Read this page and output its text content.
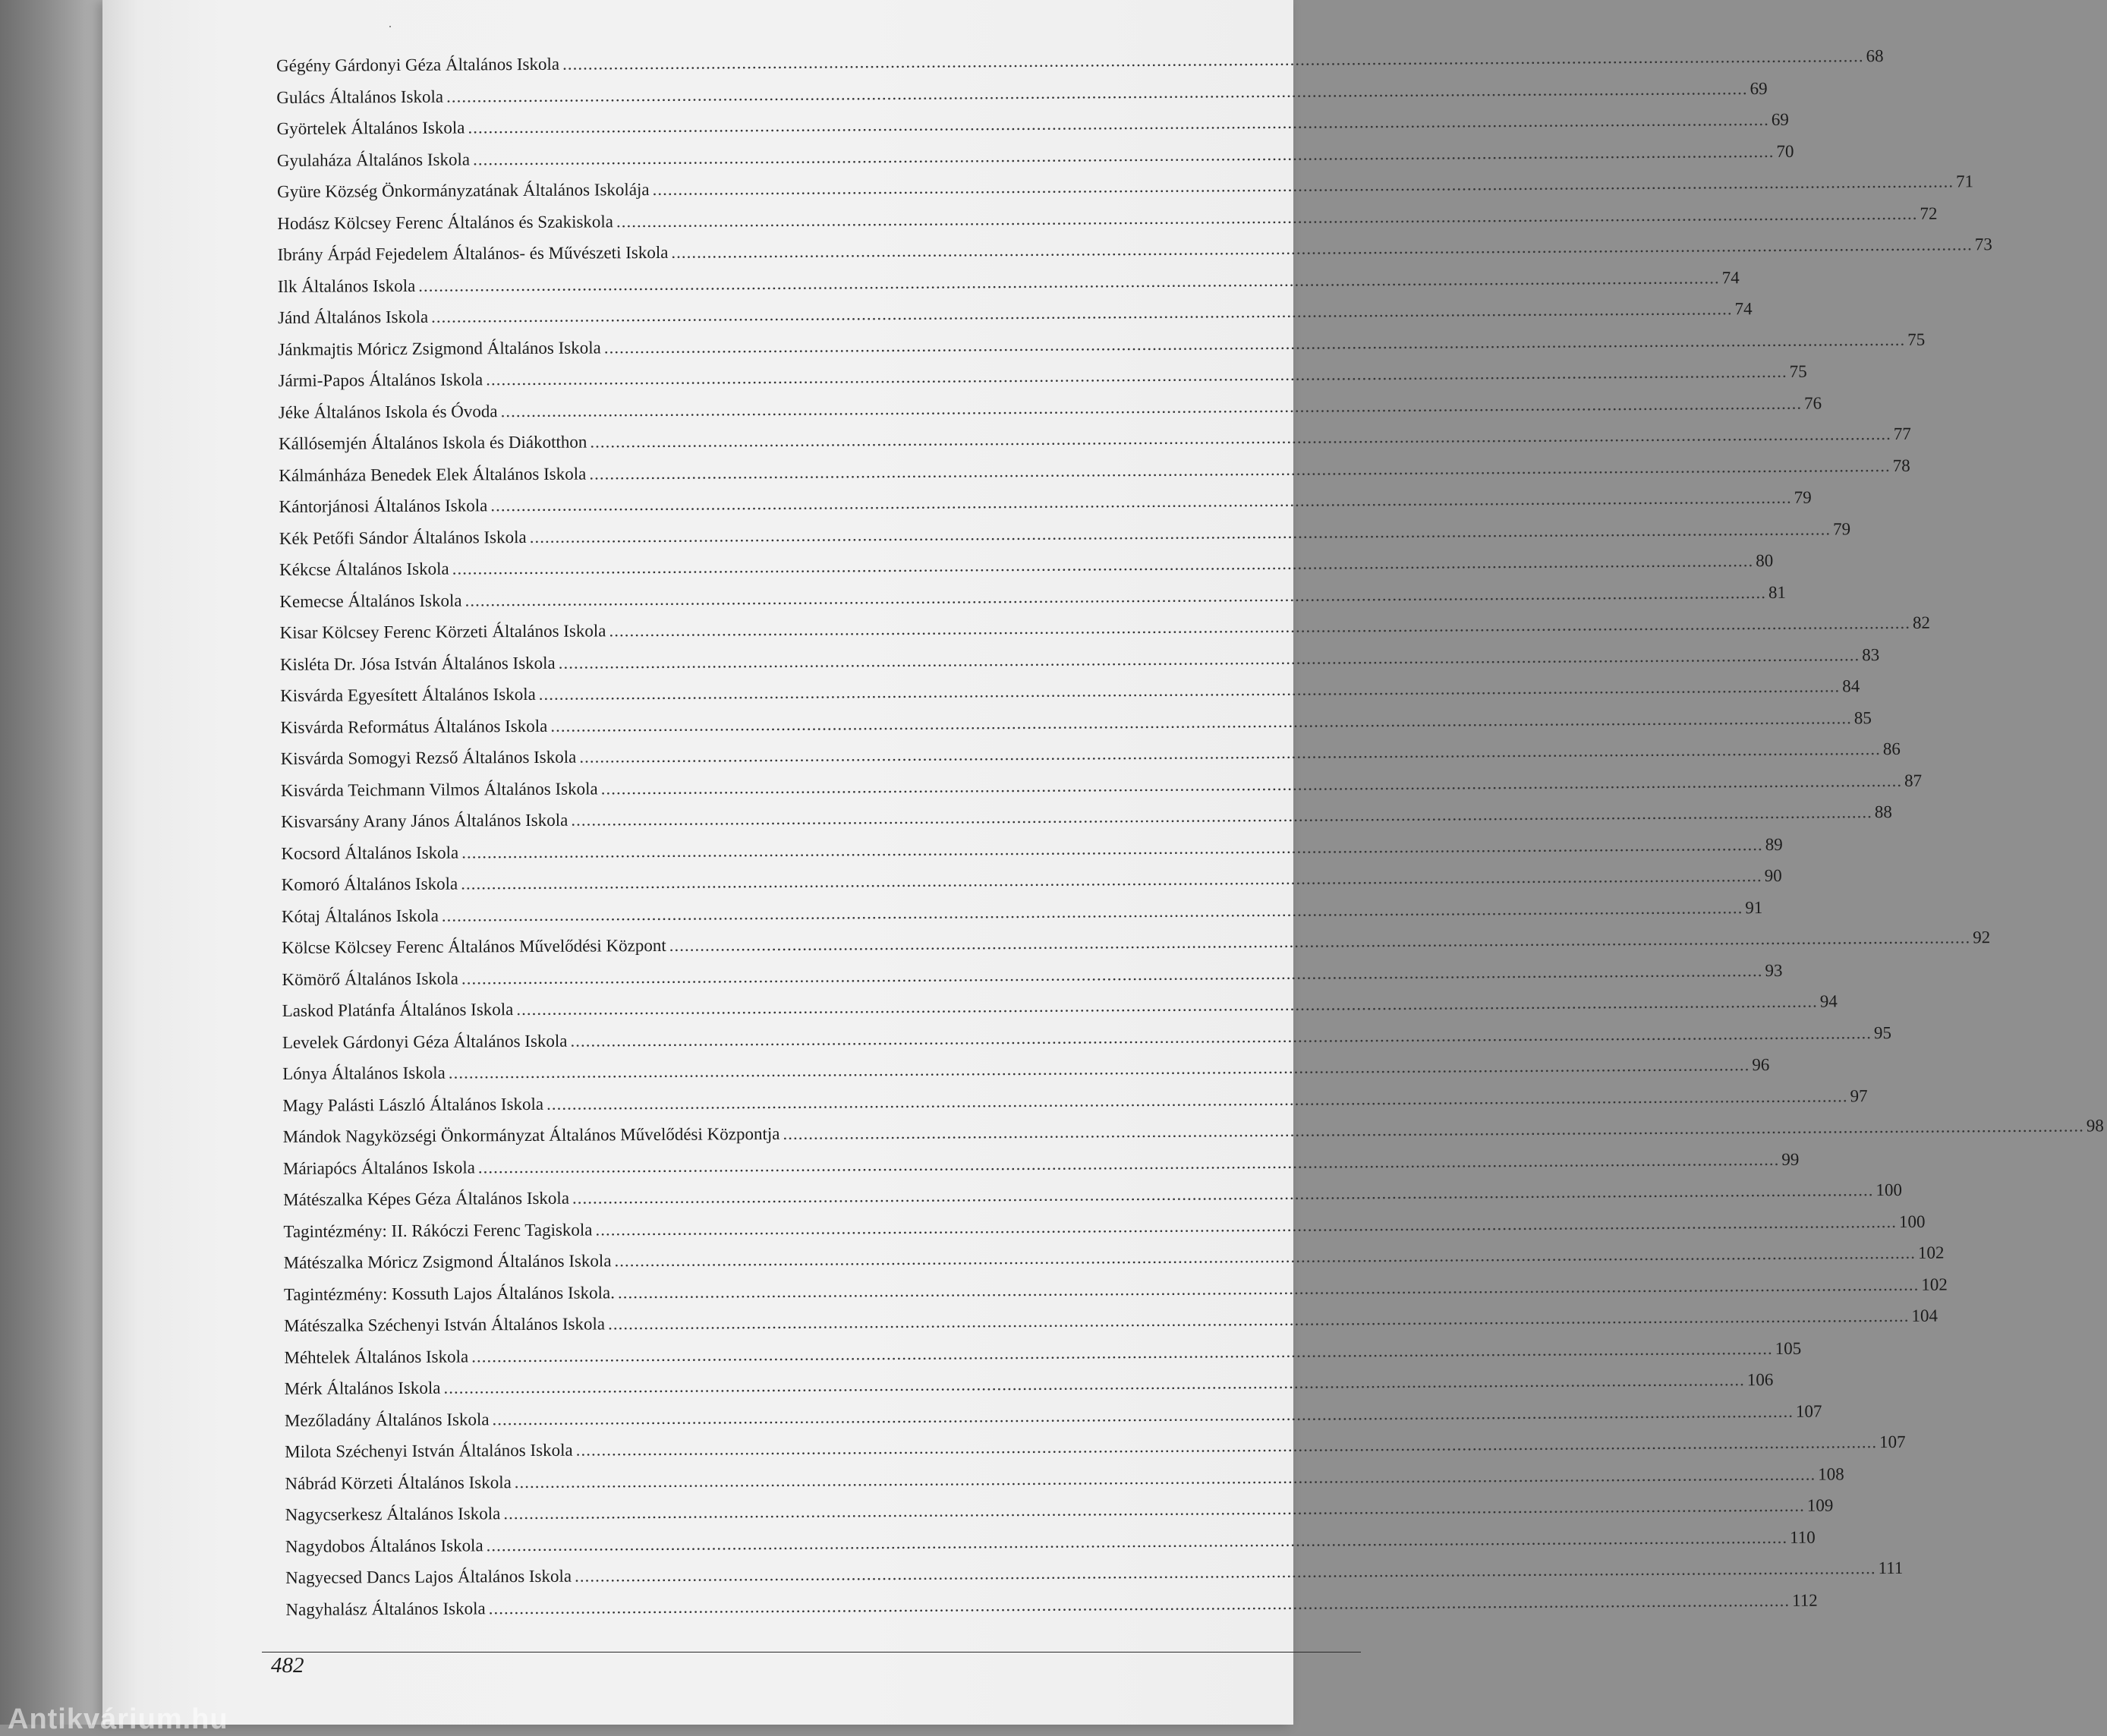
Gégény Gárdonyi Géza Általános Iskola .....	68
Gulács Általános Iskola .....	69
Györtelek Általános Iskola .....	69
Gyulaháza Általános Iskola .....	70
Gyüre Község Önkormányzatának Általános Iskolája .....	71
Hodász Kölcsey Ferenc Általános és Szakiskola .....	72
Ibrány Árpád Fejedelem Általános- és Művészeti Iskola .....	73
Ilk Általános Iskola .....	74
Jánd Általános Iskola .....	74
Jánkmajtis Móricz Zsigmond Általános Iskola .....	75
Jármi-Papos Általános Iskola .....	75
Jéke Általános Iskola és Óvoda .....	76
Kállósemjén Általános Iskola és Diákotthon .....	77
Kálmánháza Benedek Elek Általános Iskola .....	78
Kántorjánosi Általános Iskola .....	79
Kék Petőfi Sándor Általános Iskola .....	79
Kékcse Általános Iskola .....	80
Kemecse Általános Iskola .....	81
Kisar Kölcsey Ferenc Körzeti Általános Iskola .....	82
Kisléta Dr. Jósa István Általános Iskola .....	83
Kisvárda Egyesített Általános Iskola .....	84
Kisvárda Református Általános Iskola .....	85
Kisvárda Somogyi Rezső Általános Iskola .....	86
Kisvárda Teichmann Vilmos Általános Iskola .....	87
Kisvarsány Arany János Általános Iskola .....	88
Kocsord Általános Iskola .....	89
Komoró Általános Iskola .....	90
Kótaj Általános Iskola .....	91
Kölcse Kölcsey Ferenc Általános Művelődési Központ .....	92
Kömörő Általános Iskola .....	93
Laskod Platánfa Általános Iskola .....	94
Levelek Gárdonyi Géza Általános Iskola .....	95
Lónya Általános Iskola .....	96
Magy Palásti László Általános Iskola .....	97
Mándok Nagyközségi Önkormányzat Általános Művelődési Központja .....	98
Máriapócs Általános Iskola .....	99
Mátészalka Képes Géza Általános Iskola .....	100
Tagintézmény: II. Rákóczi Ferenc Tagiskola .....	100
Mátészalka Móricz Zsigmond Általános Iskola .....	102
Tagintézmény: Kossuth Lajos Általános Iskola. .....	102
Mátészalka Széchenyi István Általános Iskola .....	104
Méhtelek Általános Iskola .....	105
Mérk Általános Iskola .....	106
Mezőladány Általános Iskola .....	107
Milota Széchenyi István Általános Iskola .....	107
Nábrád Körzeti Általános Iskola .....	108
Nagycserkesz Általános Iskola .....	109
Nagydobos Általános Iskola .....	110
Nagyecsed Dancs Lajos Általános Iskola .....	111
Nagyhalász Általános Iskola .....	112
482
Antikvárium.hu
